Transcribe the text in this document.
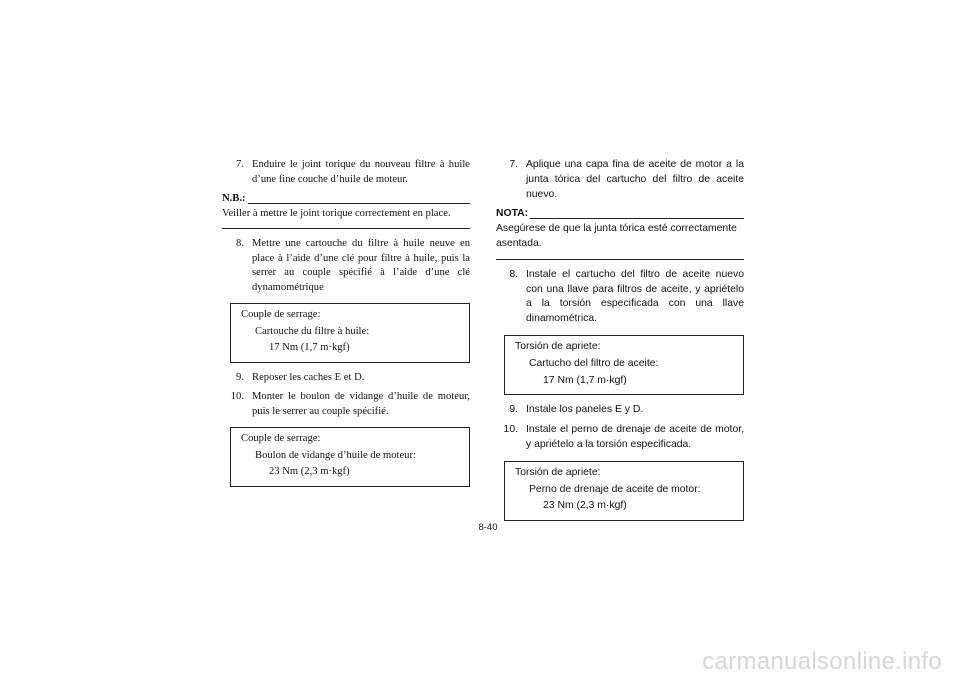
7. Enduire le joint torique du nouveau filtre à huile d’une fine couche d’huile de moteur.
N.B.:
Veiller à mettre le joint torique correctement en place.
8. Mettre une cartouche du filtre à huile neuve en place à l’aide d’une clé pour filtre à huile, puis la serrer au couple spécifié à l’aide d’une clé dynamométrique
Couple de serrage:
Cartouche du filtre à huile:
17 Nm (1,7 m·kgf)
9. Reposer les caches E et D.
10. Monter le boulon de vidange d’huile de moteur, puis le serrer au couple spécifié.
Couple de serrage:
Boulon de vidange d’huile de moteur:
23 Nm (2,3 m·kgf)
7. Aplique una capa fina de aceite de motor a la junta tórica del cartucho del filtro de aceite nuevo.
NOTA:
Asegúrese de que la junta tórica esté correctamente asentada.
8. Instale el cartucho del filtro de aceite nuevo con una llave para filtros de aceite, y apriételo a la torsión especificada con una llave dinamométrica.
Torsión de apriete:
Cartucho del filtro de aceite:
17 Nm (1,7 m·kgf)
9. Instale los paneles E y D.
10. Instale el perno de drenaje de aceite de motor, y apriételo a la torsión especificada.
Torsión de apriete:
Perno de drenaje de aceite de motor:
23 Nm (2,3 m·kgf)
8-40
carmanualsonline.info
